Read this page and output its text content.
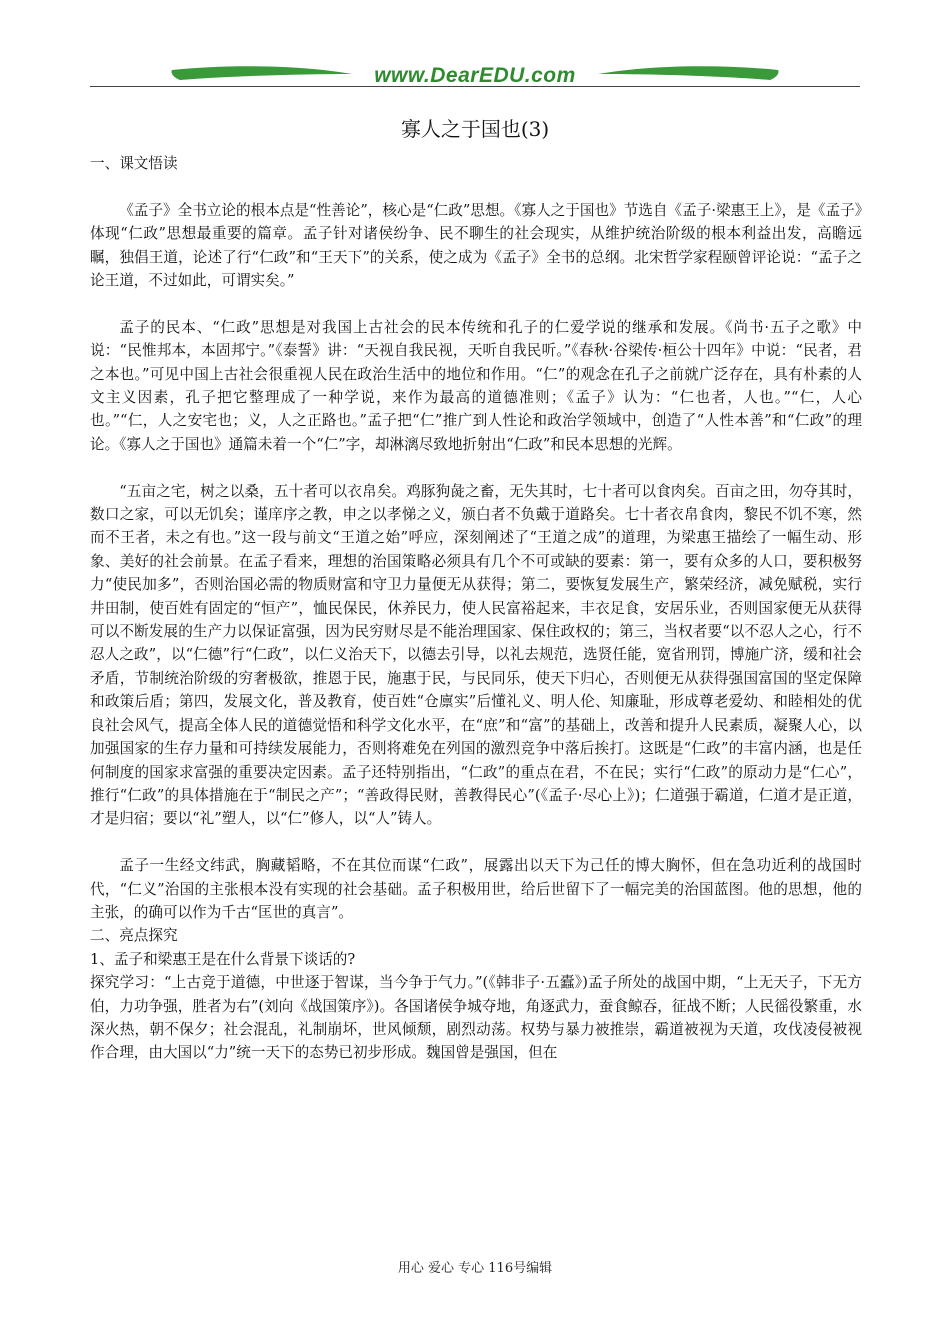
www.DearEDU.com
寡人之于国也(3)

一、课文悟读

《孟子》全书立论的根本点是“性善论”，核心是“仁政”思想。《寡人之于国也》节选自《孟子·梁惠王上》，是《孟子》体现“仁政”思想最重要的篇章。孟子针对诸侯纷争、民不聊生的社会现实，从维护统治阶级的根本利益出发，高瞻远瞩，独倡王道，论述了行“仁政”和“王天下”的关系，使之成为《孟子》全书的总纲。北宋哲学家程颐曾评论说：“孟子之论王道，不过如此，可谓实矣。”

孟子的民本、“仁政”思想是对我国上古社会的民本传统和孔子的仁爱学说的继承和发展。《尚书·五子之歌》中说：“民惟邦本，本固邦宁。”《泰誓》讲：“天视自我民视，天听自我民听。”《春秋·谷梁传·桓公十四年》中说：“民者，君之本也。”可见中国上古社会很重视人民在政治生活中的地位和作用。“仁”的观念在孔子之前就广泛存在，具有朴素的人文主义因素，孔子把它整理成了一种学说，来作为最高的道德准则；《孟子》认为：“仁也者，人也。”“仁，人心也。”“仁，人之安宅也；义，人之正路也。”孟子把“仁”推广到人性论和政治学领域中，创造了“人性本善”和“仁政”的理论。《寡人之于国也》通篇未着一个“仁”字，却淋漓尽致地折射出“仁政”和民本思想的光辉。

“五亩之宅，树之以桑，五十者可以衣帛矣。鸡豚狗彘之畜，无失其时，七十者可以食肉矣。百亩之田，勿夺其时，数口之家，可以无饥矣；谨庠序之教，申之以孝悌之义，颁白者不负戴于道路矣。七十者衣帛食肉，黎民不饥不寒，然而不王者，未之有也。”这一段与前文“王道之始”呼应，深刻阐述了“王道之成”的道理，为梁惠王描绘了一幅生动、形象、美好的社会前景。在孟子看来，理想的治国策略必须具有几个不可或缺的要素：第一，要有众多的人口，要积极努力“使民加多”，否则治国必需的物质财富和守卫力量便无从获得；第二，要恢复发展生产，繁荣经济，减免赋税，实行井田制，使百姓有固定的“恒产”，恤民保民，休养民力，使人民富裕起来，丰衣足食，安居乐业，否则国家便无从获得可以不断发展的生产力以保证富强，因为民穷财尽是不能治理国家、保住政权的；第三，当权者要“以不忍人之心，行不忍人之政”，以“仁德”行“仁政”，以仁义治天下，以德去引导，以礼去规范，选贤任能，宽省刑罚，博施广济，缓和社会矛盾，节制统治阶级的穷奢极欲，推恩于民，施惠于民，与民同乐，使天下归心，否则便无从获得强国富国的坚定保障和政策后盾；第四，发展文化，普及教育，使百姓“仓廪实”后懂礼义、明人伦、知廉耻，形成尊老爱幼、和睦相处的优良社会风气，提高全体人民的道德觉悟和科学文化水平，在“庶”和“富”的基础上，改善和提升人民素质，凝聚人心，以加强国家的生存力量和可持续发展能力，否则将难免在列国的激烈竞争中落后挨打。这既是“仁政”的丰富内涵，也是任何制度的国家求富强的重要决定因素。孟子还特别指出，“仁政”的重点在君，不在民；实行“仁政”的原动力是“仁心”，推行“仁政”的具体措施在于“制民之产”；“善政得民财，善教得民心”(《孟子·尽心上》)；仁道强于霸道，仁道才是正道，才是归宿；要以“礼”塑人，以“仁”修人，以“人”铸人。

孟子一生经文纬武，胸藏韬略，不在其位而谋“仁政”，展露出以天下为己任的博大胸怀，但在急功近利的战国时代，“仁义”治国的主张根本没有实现的社会基础。孟子积极用世，给后世留下了一幅完美的治国蓝图。他的思想，他的主张，的确可以作为千古“匡世的真言”。

二、亮点探究

1、孟子和梁惠王是在什么背景下谈话的?

探究学习：“上古竞于道德，中世逐于智谋，当今争于气力。”(《韩非子·五蠹》)孟子所处的战国中期，“上无天子，下无方伯，力功争强，胜者为右”(刘向《战国策序》)。各国诸侯争城夺地，角逐武力，蚕食鲸吞，征战不断；人民徭役繁重，水深火热，朝不保夕；社会混乱，礼制崩坏，世风倾颓，剧烈动荡。权势与暴力被推崇，霸道被视为天道，攻伐凌侵被视作合理，由大国以“力”统一天下的态势已初步形成。魏国曾是强国，但在

用心 爱心 专心 116号编辑
